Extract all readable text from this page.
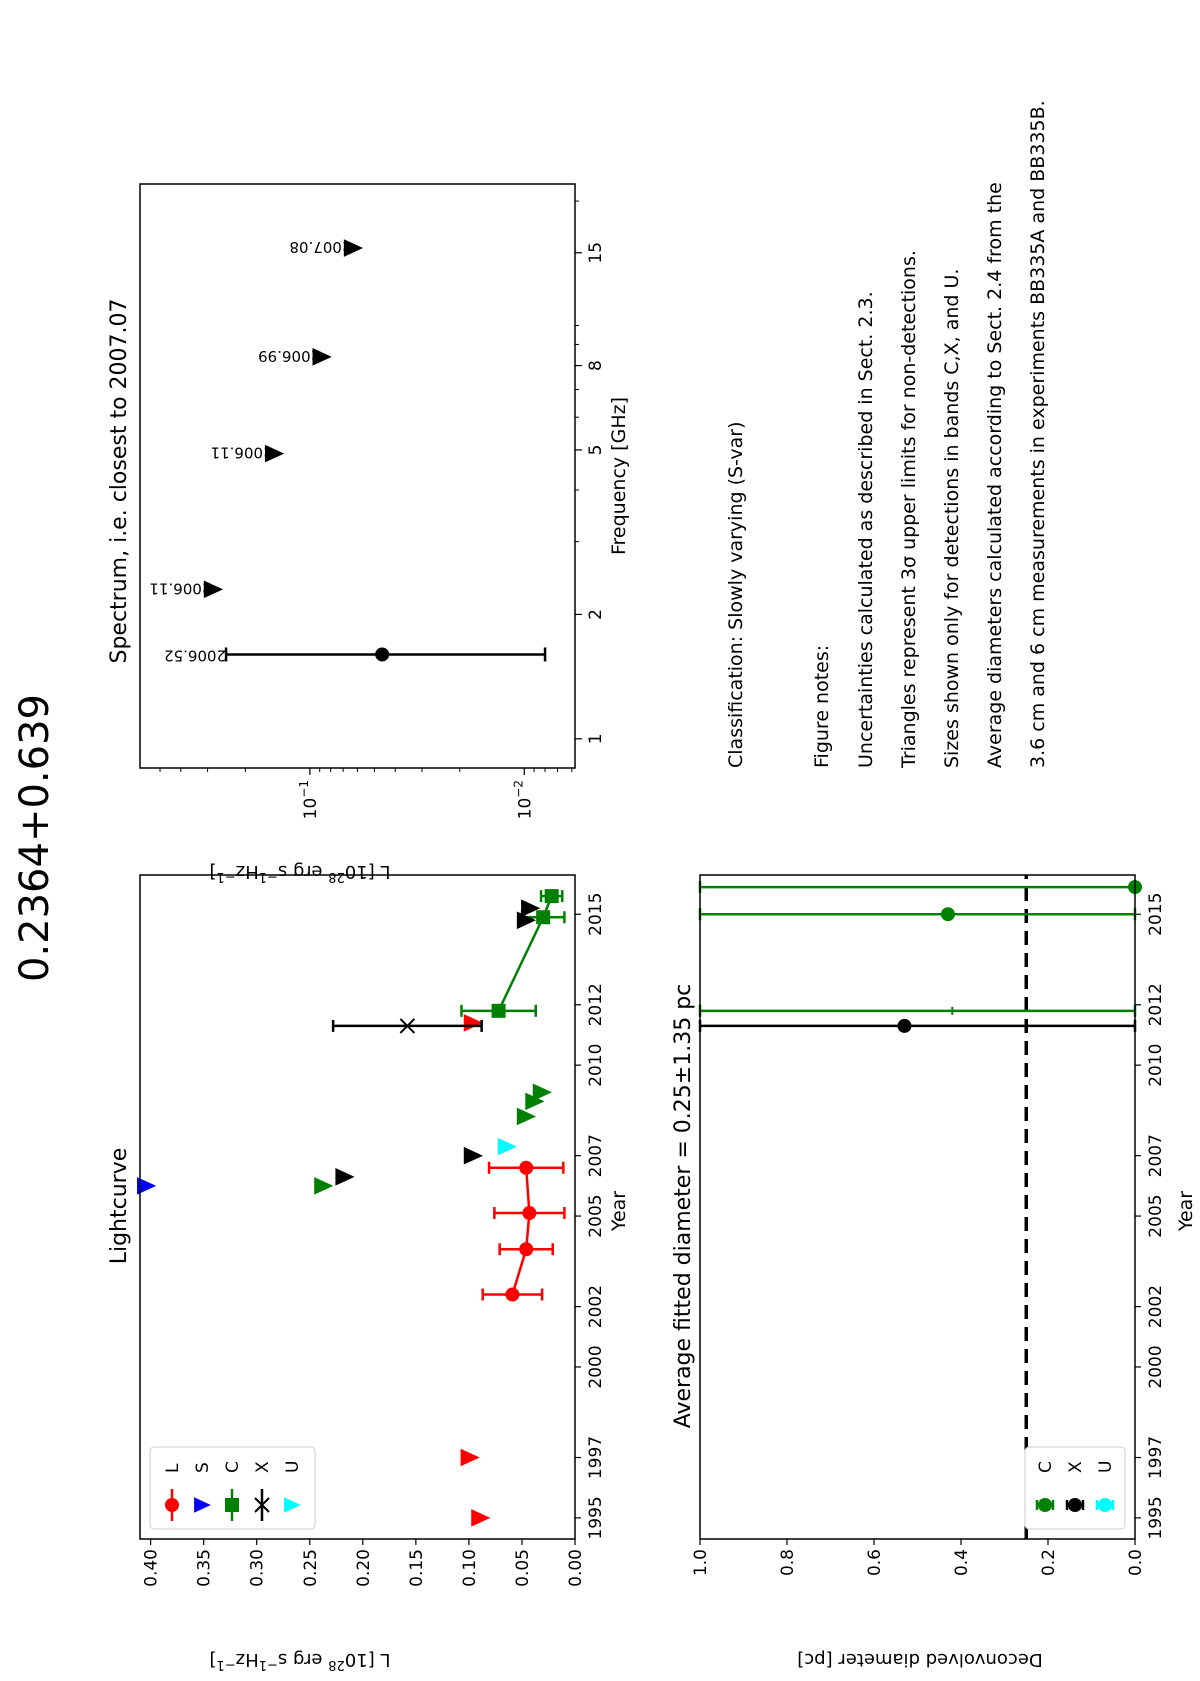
0.2364+0.639
Lightcurve	Year
L [$10^{28}$ erg $s^{-1}Hz^{-1}$]
1995
1997
2000
2002
2005
2007
2010
2012
2015
0.00
0.05
0.10
0.15
0.20
0.25
0.30
0.35
0.40
L S C X U
Spectrum, i.e. closest to 2007.07	Frequency [GHz]
L [$10^{28}$ erg $s^{-1}Hz^{-1}$]
1
2
5
8
15
$10^{-1}$
$10^{-2}$
2006.52
2006.11
2006.11
2006.99
2007.08
Average fitted diameter = 0.25±1.35 pc	Year
Deconvolved diameter [pc]
1995
1997
2000
2002
2005
2007
2010
2012
2015
0.0
0.2
0.4
0.6
0.8
1.0
C X U
Classification: Slowly varying (S-var)	Figure notes: Uncertainties calculated as described in Sect. 2.3. Triangles represent 3σ upper limits for non-detections. Sizes shown only for detections in bands C,X, and U. Average diameters calculated according to Sect. 2.4 from the 3.6 cm and 6 cm measurements in experiments BB335A and BB335B.
